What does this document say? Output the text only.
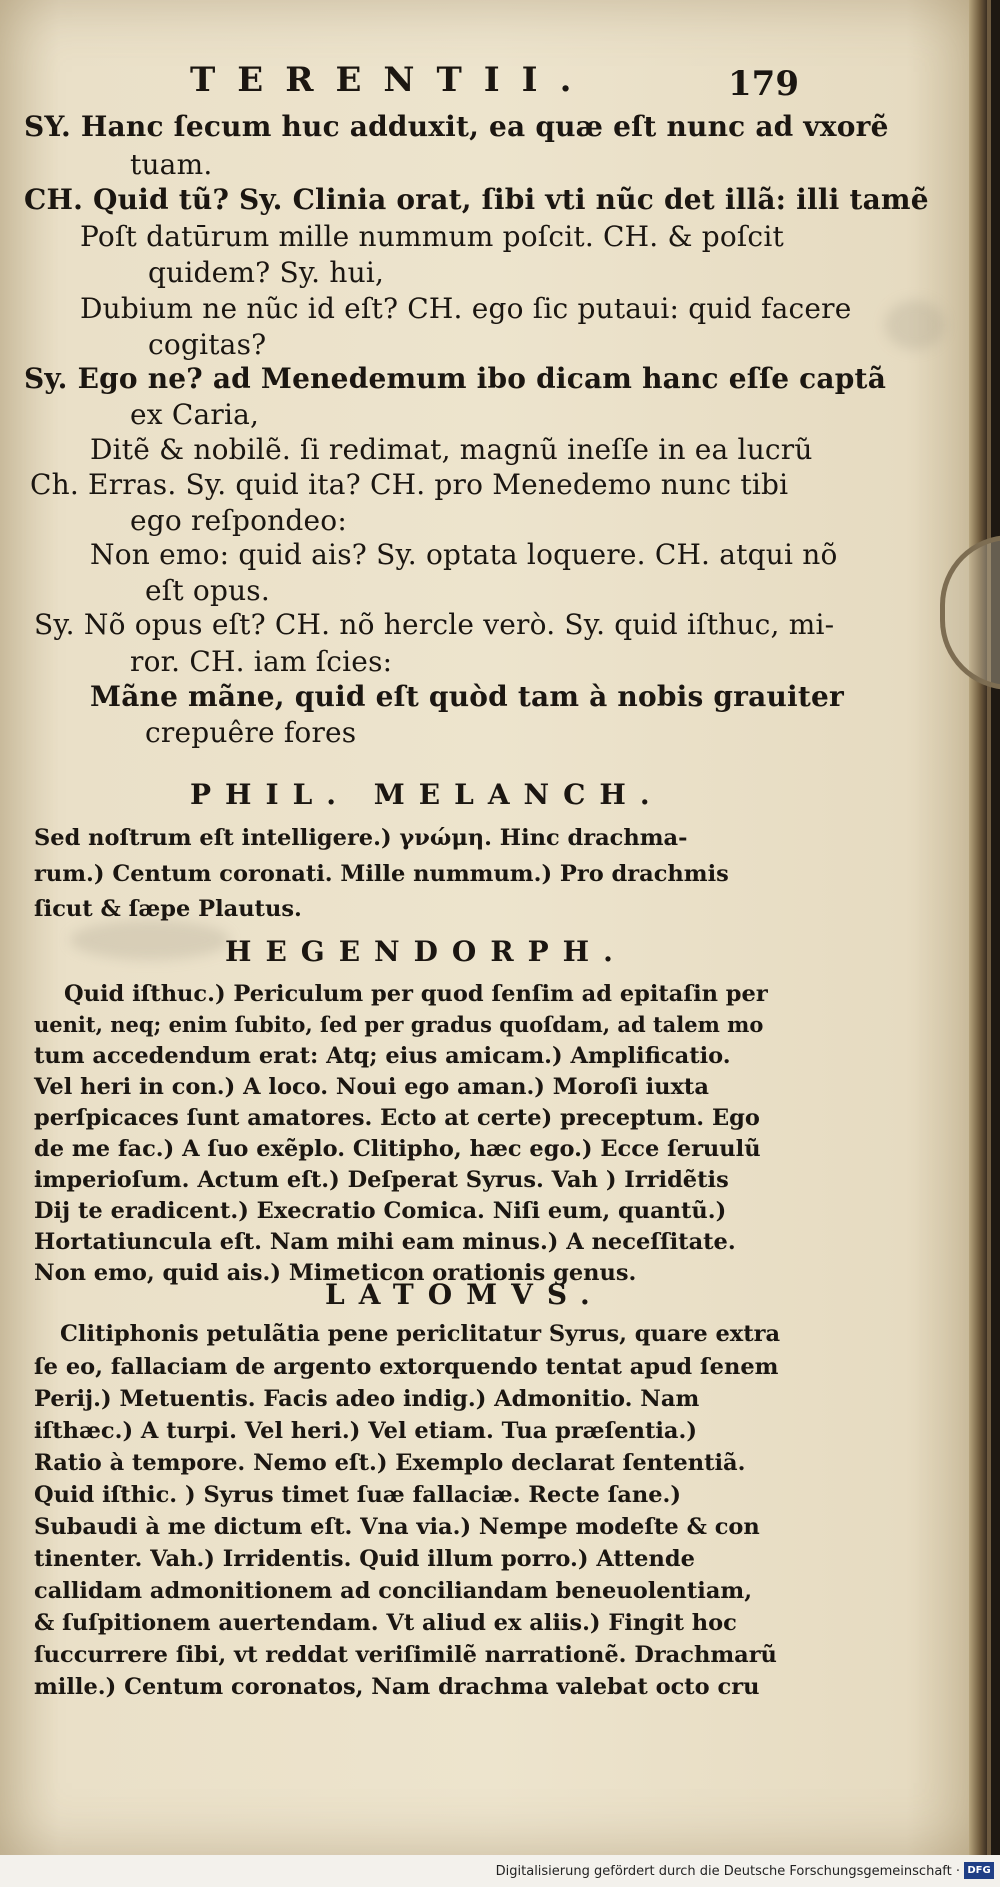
TERENTII.	179
SY. Hanc ſecum huc adduxit, ea quæ eſt nunc ad vxorẽ
tuam.
CH. Quid tũ? Sy. Clinia orat, ſibi vti nũc det illã: illi tamẽ
Poſt datūrum mille nummum poſcit. CH. & poſcit
quidem? Sy. hui,
Dubium ne nũc id eſt? CH. ego ſic putaui: quid facere
cogitas?
Sy. Ego ne? ad Menedemum ibo dicam hanc eſſe captã
ex Caria,
Ditẽ & nobilẽ. ſi redimat, magnũ ineſſe in ea lucrũ
Ch. Erras. Sy. quid ita? CH. pro Menedemo nunc tibi
ego reſpondeo:
Non emo: quid ais? Sy. optata loquere. CH. atqui nõ
eſt opus.
Sy. Nõ opus eſt? CH. nõ hercle verò. Sy. quid iſthuc, mi-
ror. CH. iam ſcies:
Mãne mãne, quid eſt quòd tam à nobis grauiter
crepuêre fores
PHIL. MELANCH.
Sed noſtrum eſt intelligere.) γνώμη. Hinc drachma-
rum.) Centum coronati. Mille nummum.) Pro drachmis
ſicut & ſæpe Plautus.
HEGENDORPH.
Quid iſthuc.) Periculum per quod ſenſim ad epitaſin per
uenit, neq; enim ſubito, ſed per gradus quoſdam, ad talem mo
tum accedendum erat: Atq; eius amicam.) Amplificatio.
Vel heri in con.) A loco. Noui ego aman.) Moroſi iuxta
perſpicaces ſunt amatores. Ecto at certe) preceptum. Ego
de me fac.) A ſuo exẽplo. Clitipho, hæc ego.) Ecce ſeruulũ
imperioſum. Actum eſt.) Deſperat Syrus. Vah ) Irridẽtis
Dij te eradicent.) Execratio Comica. Niſi eum, quantũ.)
Hortatiuncula eſt. Nam mihi eam minus.) A neceſſitate.
Non emo, quid ais.) Mimeticon orationis genus.
LATOMVS.
Clitiphonis petulãtia pene periclitatur Syrus, quare extra
ſe eo, fallaciam de argento extorquendo tentat apud ſenem
Perij.) Metuentis. Facis adeo indig.) Admonitio. Nam
iſthæc.) A turpi. Vel heri.) Vel etiam. Tua præſentia.)
Ratio à tempore. Nemo eſt.) Exemplo declarat ſententiã.
Quid iſthic. ) Syrus timet ſuæ fallaciæ. Recte ſane.)
Subaudi à me dictum eſt. Vna via.) Nempe modeſte & con
tinenter. Vah.) Irridentis. Quid illum porro.) Attende
callidam admonitionem ad conciliandam beneuolentiam,
& ſuſpitionem auertendam. Vt aliud ex aliis.) Fingit hoc
ſuccurrere ſibi, vt reddat veriſimilẽ narrationẽ. Drachmarũ
mille.) Centum coronatos, Nam drachma valebat octo cru
Digitalisierung gefördert durch die Deutsche Forschungsgemeinschaft · DFG
